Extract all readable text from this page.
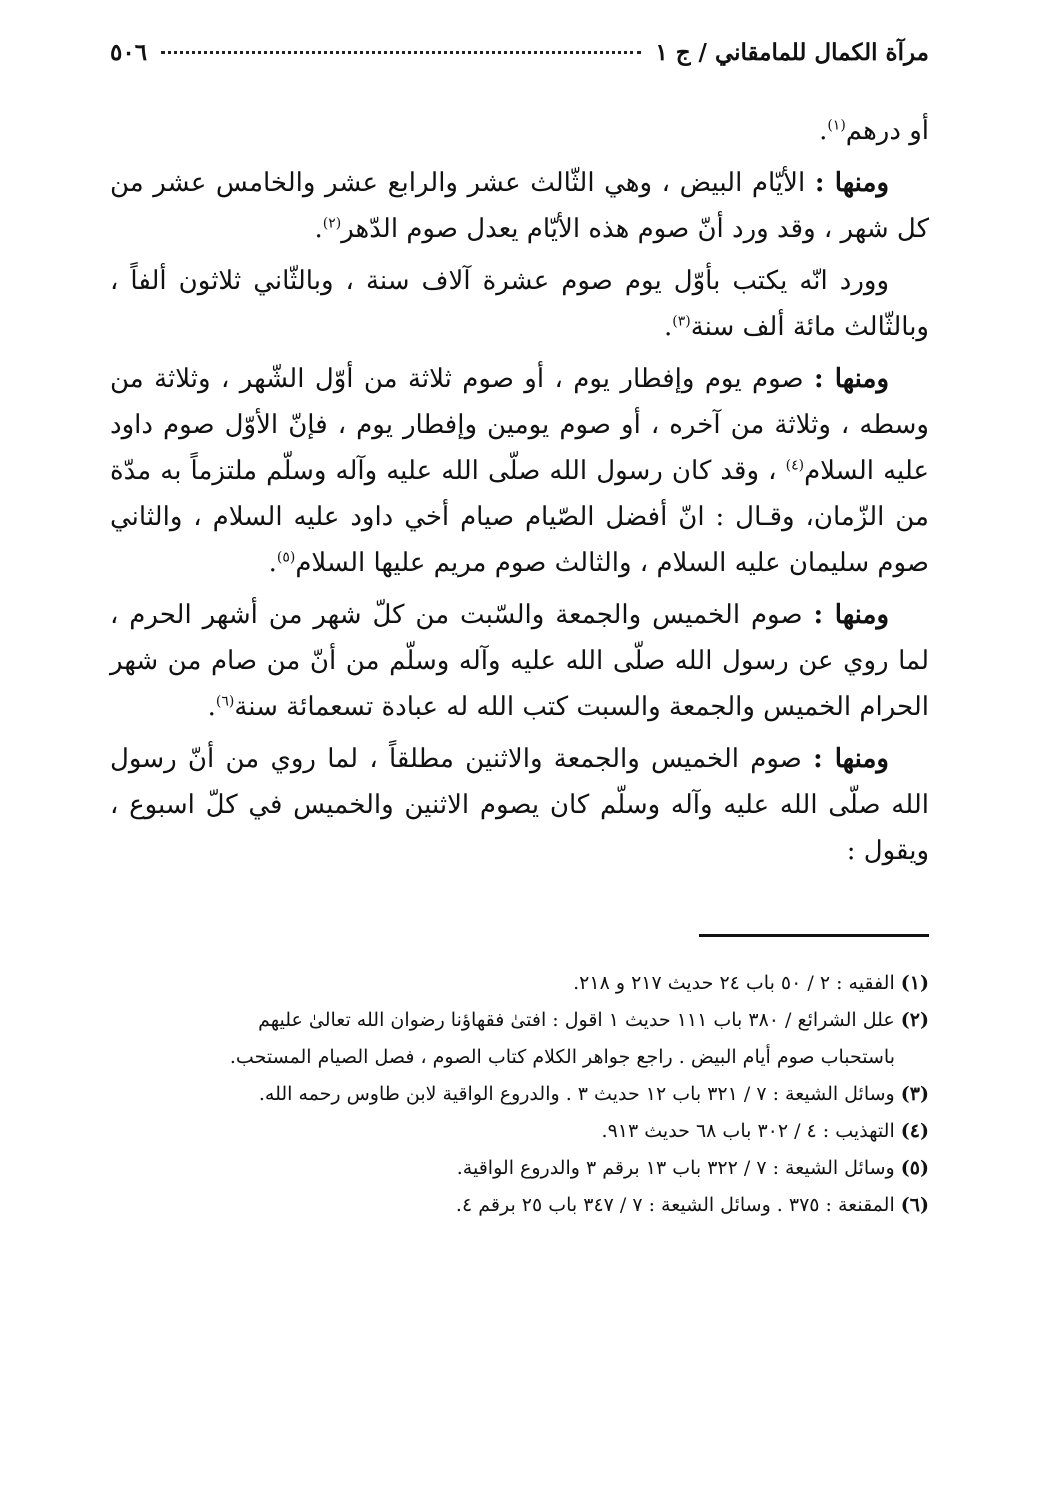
مرآة الكمال للمامقاني / ج ١
٥٠٦

أو درهم$^{(١)}$.

ومنها : الأيّام البيض ، وهي الثّالث عشر والرابع عشر والخامس عشر من كل شهر ، وقد ورد أنّ صوم هذه الأيّام يعدل صوم الدّهر$^{(٢)}$.

وورد انّه يكتب بأوّل يوم صوم عشرة آلاف سنة ، وبالثّاني ثلاثون ألفاً ، وبالثّالث مائة ألف سنة$^{(٣)}$.

ومنها : صوم يوم وإفطار يوم ، أو صوم ثلاثة من أوّل الشّهر ، وثلاثة من وسطه ، وثلاثة من آخره ، أو صوم يومين وإفطار يوم ، فإنّ الأوّل صوم داود عليه السلام$^{(٤)}$ ، وقد كان رسول الله صلّى الله عليه وآله وسلّم ملتزماً به مدّة من الزّمان، وقـال : انّ أفضل الصّيام صيام أخي داود عليه السلام ، والثاني صوم سليمان عليه السلام ، والثالث صوم مريم عليها السلام$^{(٥)}$.

ومنها : صوم الخميس والجمعة والسّبت من كلّ شهر من أشهر الحرم ، لما روي عن رسول الله صلّى الله عليه وآله وسلّم من أنّ من صام من شهر الحرام الخميس والجمعة والسبت كتب الله له عبادة تسعمائة سنة$^{(٦)}$.

ومنها : صوم الخميس والجمعة والاثنين مطلقاً ، لما روي من أنّ رسول الله صلّى الله عليه وآله وسلّم كان يصوم الاثنين والخميس في كلّ اسبوع ، ويقول :

(١) الفقيه : ٢ / ٥٠ باب ٢٤ حديث ٢١٧ و ٢١٨.

(٢) علل الشرائع / ٣٨٠ باب ١١١ حديث ١ اقول : افتىٰ فقهاؤنا رضوان الله تعالىٰ عليهم

باستحباب صوم أيام البيض . راجع جواهر الكلام كتاب الصوم ، فصل الصيام المستحب.

(٣) وسائل الشيعة : ٧ / ٣٢١ باب ١٢ حديث ٣ . والدروع الواقية لابن طاوس رحمه الله.

(٤) التهذيب : ٤ / ٣٠٢ باب ٦٨ حديث ٩١٣.

(٥) وسائل الشيعة : ٧ / ٣٢٢ باب ١٣ برقم ٣ والدروع الواقية.

(٦) المقنعة : ٣٧٥ . وسائل الشيعة : ٧ / ٣٤٧ باب ٢٥ برقم ٤.
